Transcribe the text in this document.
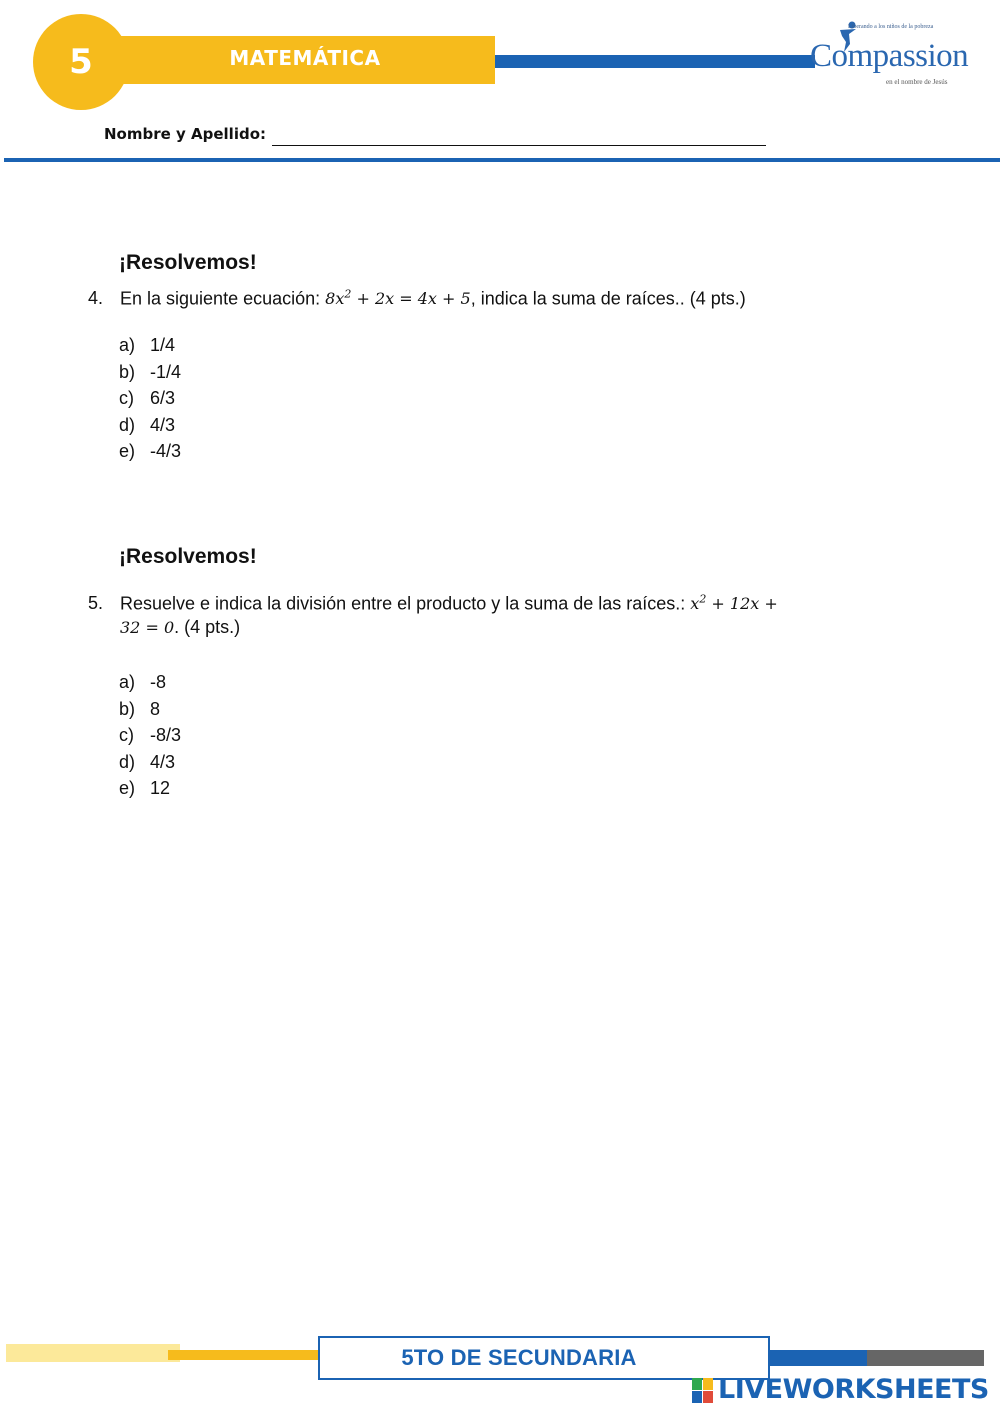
5	MATEMÁTICA
Liberando a los niños de la pobreza
Compassion
en el nombre de Jesús
Nombre y Apellido:
¡Resolvemos!
4. En la siguiente ecuación: $8x^2 + 2x = 4x + 5$, indica la suma de raíces.. (4 pts.)
a) 1/4
b) -1/4
c) 6/3
d) 4/3
e) -4/3
¡Resolvemos!
5. Resuelve e indica la división entre el producto y la suma de las raíces.: $x^2 + 12x$ +
32 = 0. (4 pts.)
a) -8
b) 8
c) -8/3
d) 4/3
e) 12
5TO DE SECUNDARIA
LIVEWORKSHEETS
